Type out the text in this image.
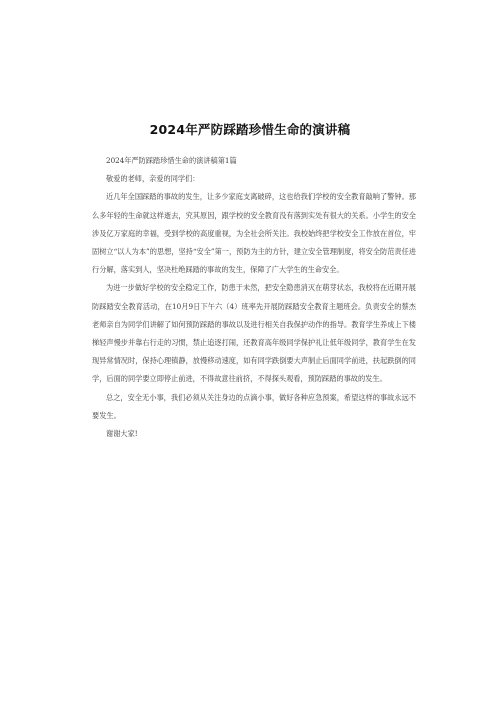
2024年严防踩踏珍惜生命的演讲稿

2024年严防踩踏珍惜生命的演讲稿第1篇

敬爱的老师，亲爱的同学们：

近几年全国踩踏的事故的发生，让多少家庭支离破碎，这也给我们学校的安全教育敲响了警钟。那么多年轻的生命就这样逝去，究其原因，跟学校的安全教育没有落到实处有很大的关系。小学生的安全涉及亿万家庭的幸福，受到学校的高度重视，为全社会所关注。我校始终把学校安全工作放在首位，牢固树立“以人为本”的思想，坚持“安全”第一，预防为主的方针，建立安全管理制度，将安全防范责任进行分解，落实到人，坚决杜绝踩踏的事故的发生，保障了广大学生的生命安全。

为进一步做好学校的安全稳定工作，防患于未然，把安全隐患消灭在萌芽状态，我校将在近期开展防踩踏安全教育活动，在10月9日下午六（4）班率先开展防踩踏安全教育主题班会。负责安全的蔡杰老师亲自为同学们讲解了如何预防踩踏的事故以及进行相关自我保护动作的指导。教育学生养成上下楼梯轻声慢步并靠右行走的习惯，禁止追逐打闹，还教育高年级同学保护礼让低年级同学，教育学生在发现异常情况时，保持心理镇静，放慢移动速度，如有同学跌倒要大声制止后面同学前进，扶起跌倒的同学，后面的同学要立即停止前进，不得故意往前挤，不得探头观看，预防踩踏的事故的发生。

总之，安全无小事，我们必须从关注身边的点滴小事，做好各种应急预案，希望这样的事故永远不要发生。

谢谢大家!
